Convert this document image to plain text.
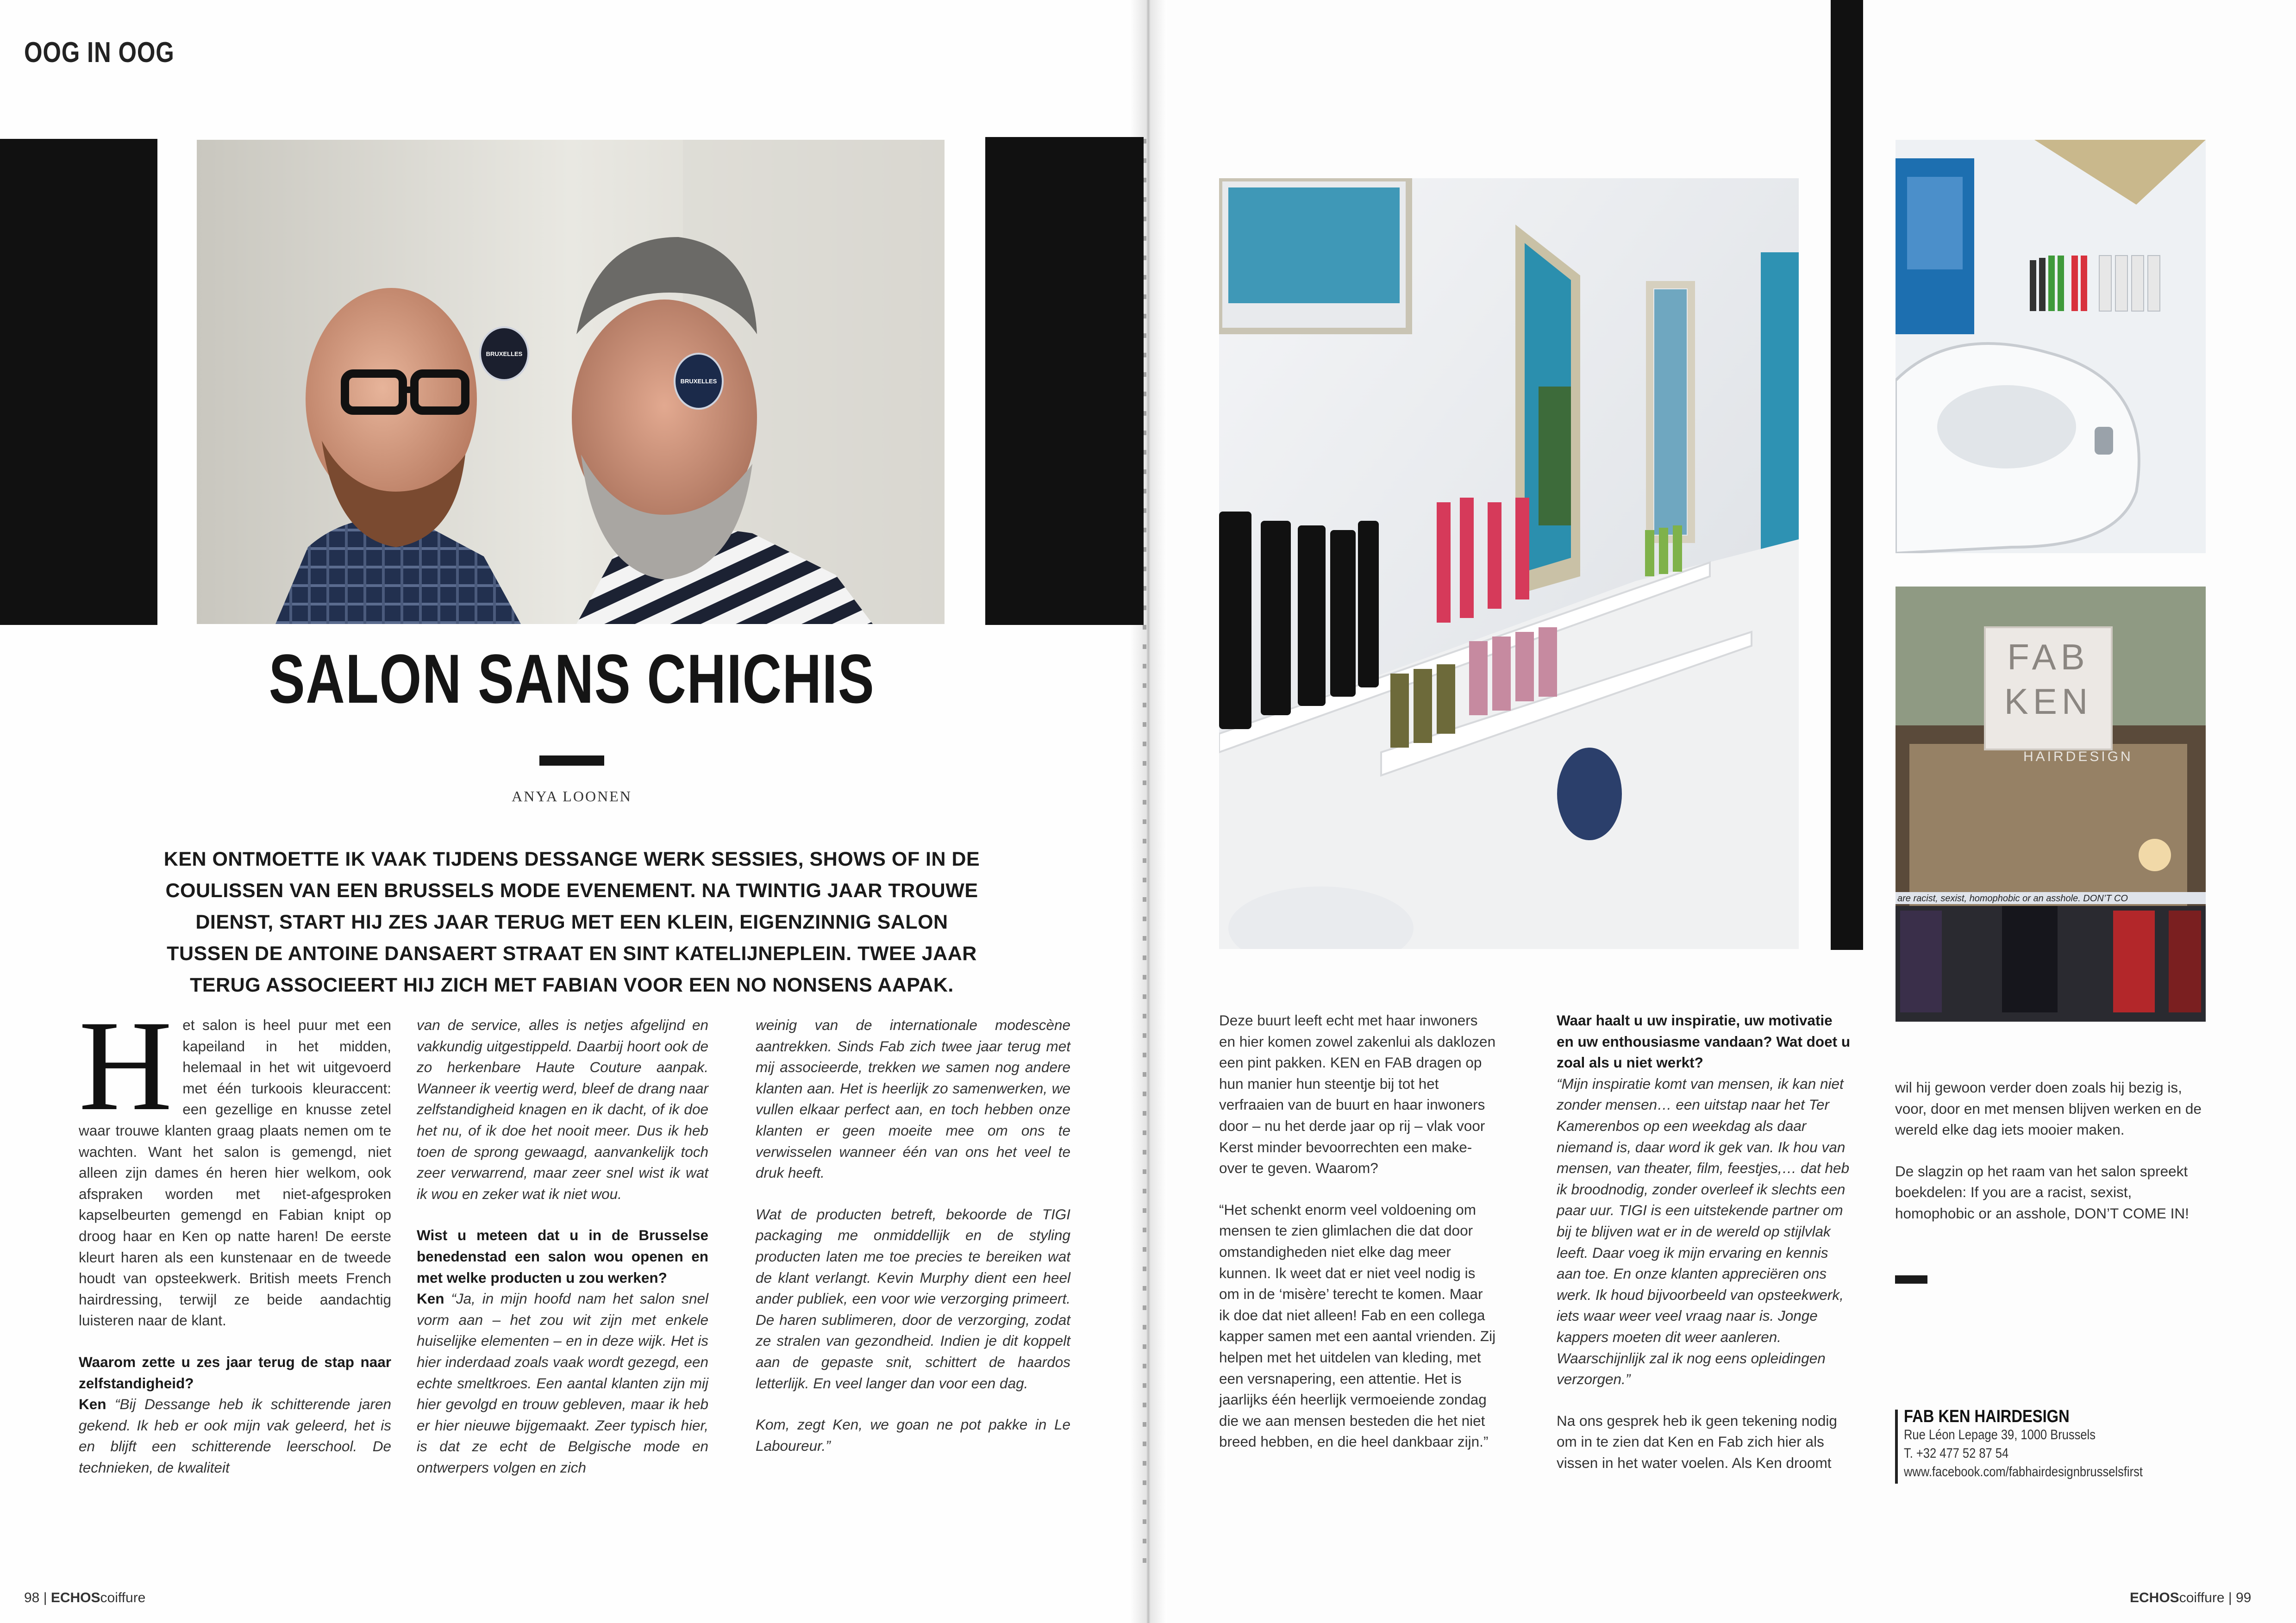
OOG IN OOG
BRUXELLES
BRUXELLES
SALON SANS CHICHIS
ANYA LOONEN
KEN ONTMOETTE IK VAAK TIJDENS DESSANGE WERK SESSIES, SHOWS OF IN DE COULISSEN VAN EEN BRUSSELS MODE EVENEMENT. NA TWINTIG JAAR TROUWE DIENST, START HIJ ZES JAAR TERUG MET EEN KLEIN, EIGENZINNIG SALON TUSSEN DE ANTOINE DANSAERT STRAAT EN SINT KATELIJNEPLEIN. TWEE JAAR TERUG ASSOCIEERT HIJ ZICH MET FABIAN VOOR EEN NO NONSENS AAPAK.

Het salon is heel puur met een kapeiland in het midden, helemaal in het wit uitgevoerd met één turkoois kleuraccent: een gezellige en knusse zetel waar trouwe klanten graag plaats nemen om te wachten. Want het salon is gemengd, niet alleen zijn dames én heren hier welkom, ook afspraken worden met niet-afgesproken kapselbeurten gemengd en Fabian knipt op droog haar en Ken op natte haren! De eerste kleurt haren als een kunstenaar en de tweede houdt van opsteekwerk. British meets French hairdressing, terwijl ze beide aandachtig luisteren naar de klant.

Waarom zette u zes jaar terug de stap naar zelfstandigheid?
Ken “Bij Dessange heb ik schitterende jaren gekend. Ik heb er ook mijn vak geleerd, het is en blijft een schitterende leerschool. De technieken, de kwaliteit

van de service, alles is netjes afgelijnd en vakkundig uitgestippeld. Daarbij hoort ook de zo herkenbare Haute Couture aanpak. Wanneer ik veertig werd, bleef de drang naar zelfstandigheid knagen en ik dacht, of ik doe het nu, of ik doe het nooit meer. Dus ik heb toen de sprong gewaagd, aanvankelijk toch zeer verwarrend, maar zeer snel wist ik wat ik wou en zeker wat ik niet wou.

Wist u meteen dat u in de Brusselse benedenstad een salon wou openen en met welke producten u zou werken?
Ken “Ja, in mijn hoofd nam het salon snel vorm aan – het zou wit zijn met enkele huiselijke elementen – en in deze wijk. Het is hier inderdaad zoals vaak wordt gezegd, een echte smeltkroes. Een aantal klanten zijn mij hier gevolgd en trouw gebleven, maar ik heb er hier nieuwe bijgemaakt. Zeer typisch hier, is dat ze echt de Belgische mode en ontwerpers volgen en zich

weinig van de internationale modescène aantrekken. Sinds Fab zich twee jaar terug met mij associeerde, trekken we samen nog andere klanten aan. Het is heerlijk zo samenwerken, we vullen elkaar perfect aan, en toch hebben onze klanten er geen moeite mee om ons te verwisselen wanneer één van ons het veel te druk heeft.

Wat de producten betreft, bekoorde de TIGI packaging me onmiddellijk en de styling producten laten me toe precies te bereiken wat de klant verlangt. Kevin Murphy dient een heel ander publiek, een voor wie verzorging primeert. De haren sublimeren, door de verzorging, zodat ze stralen van gezondheid. Indien je dit koppelt aan de gepaste snit, schittert de haardos letterlijk. En veel langer dan voor een dag.

Kom, zegt Ken, we goan ne pot pakke in Le Laboureur.”

98 | ECHOScoiffure
FAB
KEN
HAIRDESIGN
are racist, sexist, homophobic or an asshole. DON’T CO

Deze buurt leeft echt met haar inwoners en hier komen zowel zakenlui als daklozen een pint pakken. KEN en FAB dragen op hun manier hun steentje bij tot het verfraaien van de buurt en haar inwoners door – nu het derde jaar op rij – vlak voor Kerst minder bevoorrechten een make-over te geven. Waarom?

“Het schenkt enorm veel voldoening om mensen te zien glimlachen die dat door omstandigheden niet elke dag meer kunnen. Ik weet dat er niet veel nodig is om in de ‘misère’ terecht te komen. Maar ik doe dat niet alleen! Fab en een collega kapper samen met een aantal vrienden. Zij helpen met het uitdelen van kleding, met een versnapering, een attentie. Het is jaarlijks één heerlijk vermoeiende zondag die we aan mensen besteden die het niet breed hebben, en die heel dankbaar zijn.”

Waar haalt u uw inspiratie, uw motivatie en uw enthousiasme vandaan? Wat doet u zoal als u niet werkt?
“Mijn inspiratie komt van mensen, ik kan niet zonder mensen… een uitstap naar het Ter Kamerenbos op een weekdag als daar niemand is, daar word ik gek van. Ik hou van mensen, van theater, film, feestjes,… dat heb ik broodnodig, zonder overleef ik slechts een paar uur. TIGI is een uitstekende partner om bij te blijven wat er in de wereld op stijlvlak leeft. Daar voeg ik mijn ervaring en kennis aan toe. En onze klanten appreciëren ons werk. Ik houd bijvoorbeeld van opsteekwerk, iets waar weer veel vraag naar is. Jonge kappers moeten dit weer aanleren. Waarschijnlijk zal ik nog eens opleidingen verzorgen.”

Na ons gesprek heb ik geen tekening nodig om in te zien dat Ken en Fab zich hier als vissen in het water voelen. Als Ken droomt

wil hij gewoon verder doen zoals hij bezig is, voor, door en met mensen blijven werken en de wereld elke dag iets mooier maken.

De slagzin op het raam van het salon spreekt boekdelen: If you are a racist, sexist, homophobic or an asshole, DON’T COME IN!

FAB KEN HAIRDESIGN
Rue Léon Lepage 39, 1000 Brussels
T. +32 477 52 87 54
www.facebook.com/fabhairdesignbrusselsfirst
ECHOScoiffure | 99
